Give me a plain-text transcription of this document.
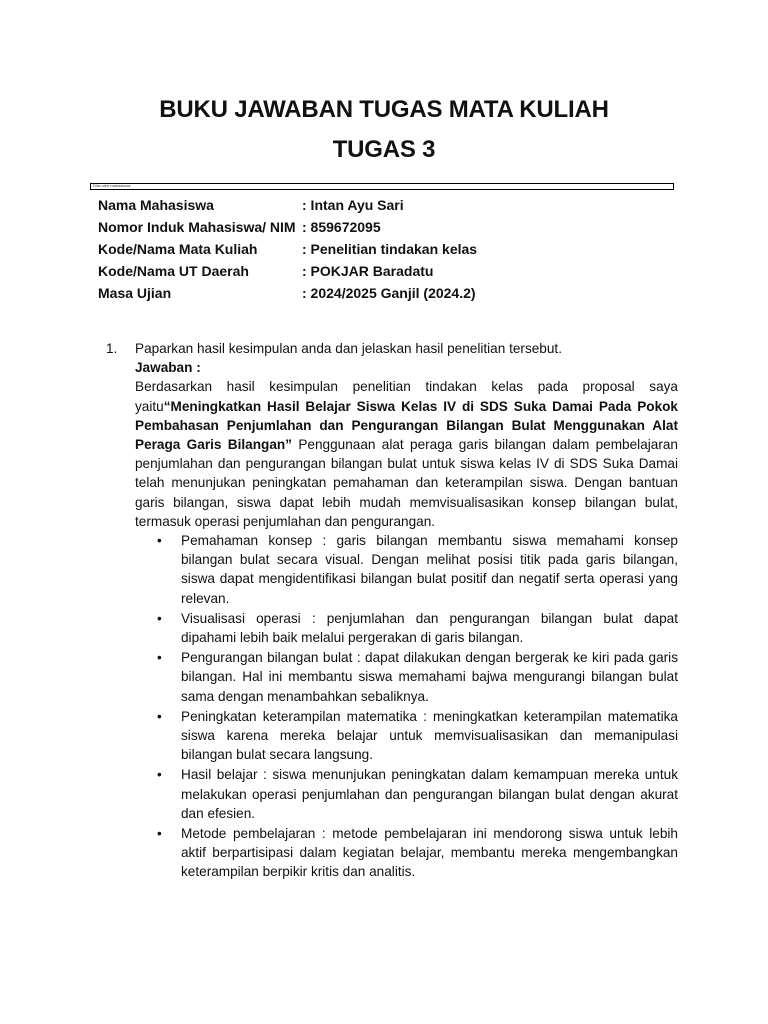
BUKU JAWABAN TUGAS MATA KULIAH
TUGAS 3
Diisi oleh mahasiswa
Nama Mahasiswa	: Intan Ayu Sari
Nomor Induk Mahasiswa/ NIM : 859672095
Kode/Nama Mata Kuliah	: Penelitian tindakan kelas
Kode/Nama UT Daerah	: POKJAR Baradatu
Masa Ujian	: 2024/2025 Ganjil (2024.2)
1. Paparkan hasil kesimpulan anda dan jelaskan hasil penelitian tersebut.
Jawaban :
Berdasarkan hasil kesimpulan penelitian tindakan kelas pada proposal saya yaitu“Meningkatkan Hasil Belajar Siswa Kelas IV di SDS Suka Damai Pada Pokok Pembahasan Penjumlahan dan Pengurangan Bilangan Bulat Menggunakan Alat Peraga Garis Bilangan” Penggunaan alat peraga garis bilangan dalam pembelajaran penjumlahan dan pengurangan bilangan bulat untuk siswa kelas IV di SDS Suka Damai telah menunjukan peningkatan pemahaman dan keterampilan siswa. Dengan bantuan garis bilangan, siswa dapat lebih mudah memvisualisasikan konsep bilangan bulat, termasuk operasi penjumlahan dan pengurangan.
• Pemahaman konsep : garis bilangan membantu siswa memahami konsep bilangan bulat secara visual. Dengan melihat posisi titik pada garis bilangan, siswa dapat mengidentifikasi bilangan bulat positif dan negatif serta operasi yang relevan.
• Visualisasi operasi : penjumlahan dan pengurangan bilangan bulat dapat dipahami lebih baik melalui pergerakan di garis bilangan.
• Pengurangan bilangan bulat : dapat dilakukan dengan bergerak ke kiri pada garis bilangan. Hal ini membantu siswa memahami bajwa mengurangi bilangan bulat sama dengan menambahkan sebaliknya.
• Peningkatan keterampilan matematika : meningkatkan keterampilan matematika siswa karena mereka belajar untuk memvisualisasikan dan memanipulasi bilangan bulat secara langsung.
• Hasil belajar : siswa menunjukan peningkatan dalam kemampuan mereka untuk melakukan operasi penjumlahan dan pengurangan bilangan bulat dengan akurat dan efesien.
• Metode pembelajaran : metode pembelajaran ini mendorong siswa untuk lebih aktif berpartisipasi dalam kegiatan belajar, membantu mereka mengembangkan keterampilan berpikir kritis dan analitis.
